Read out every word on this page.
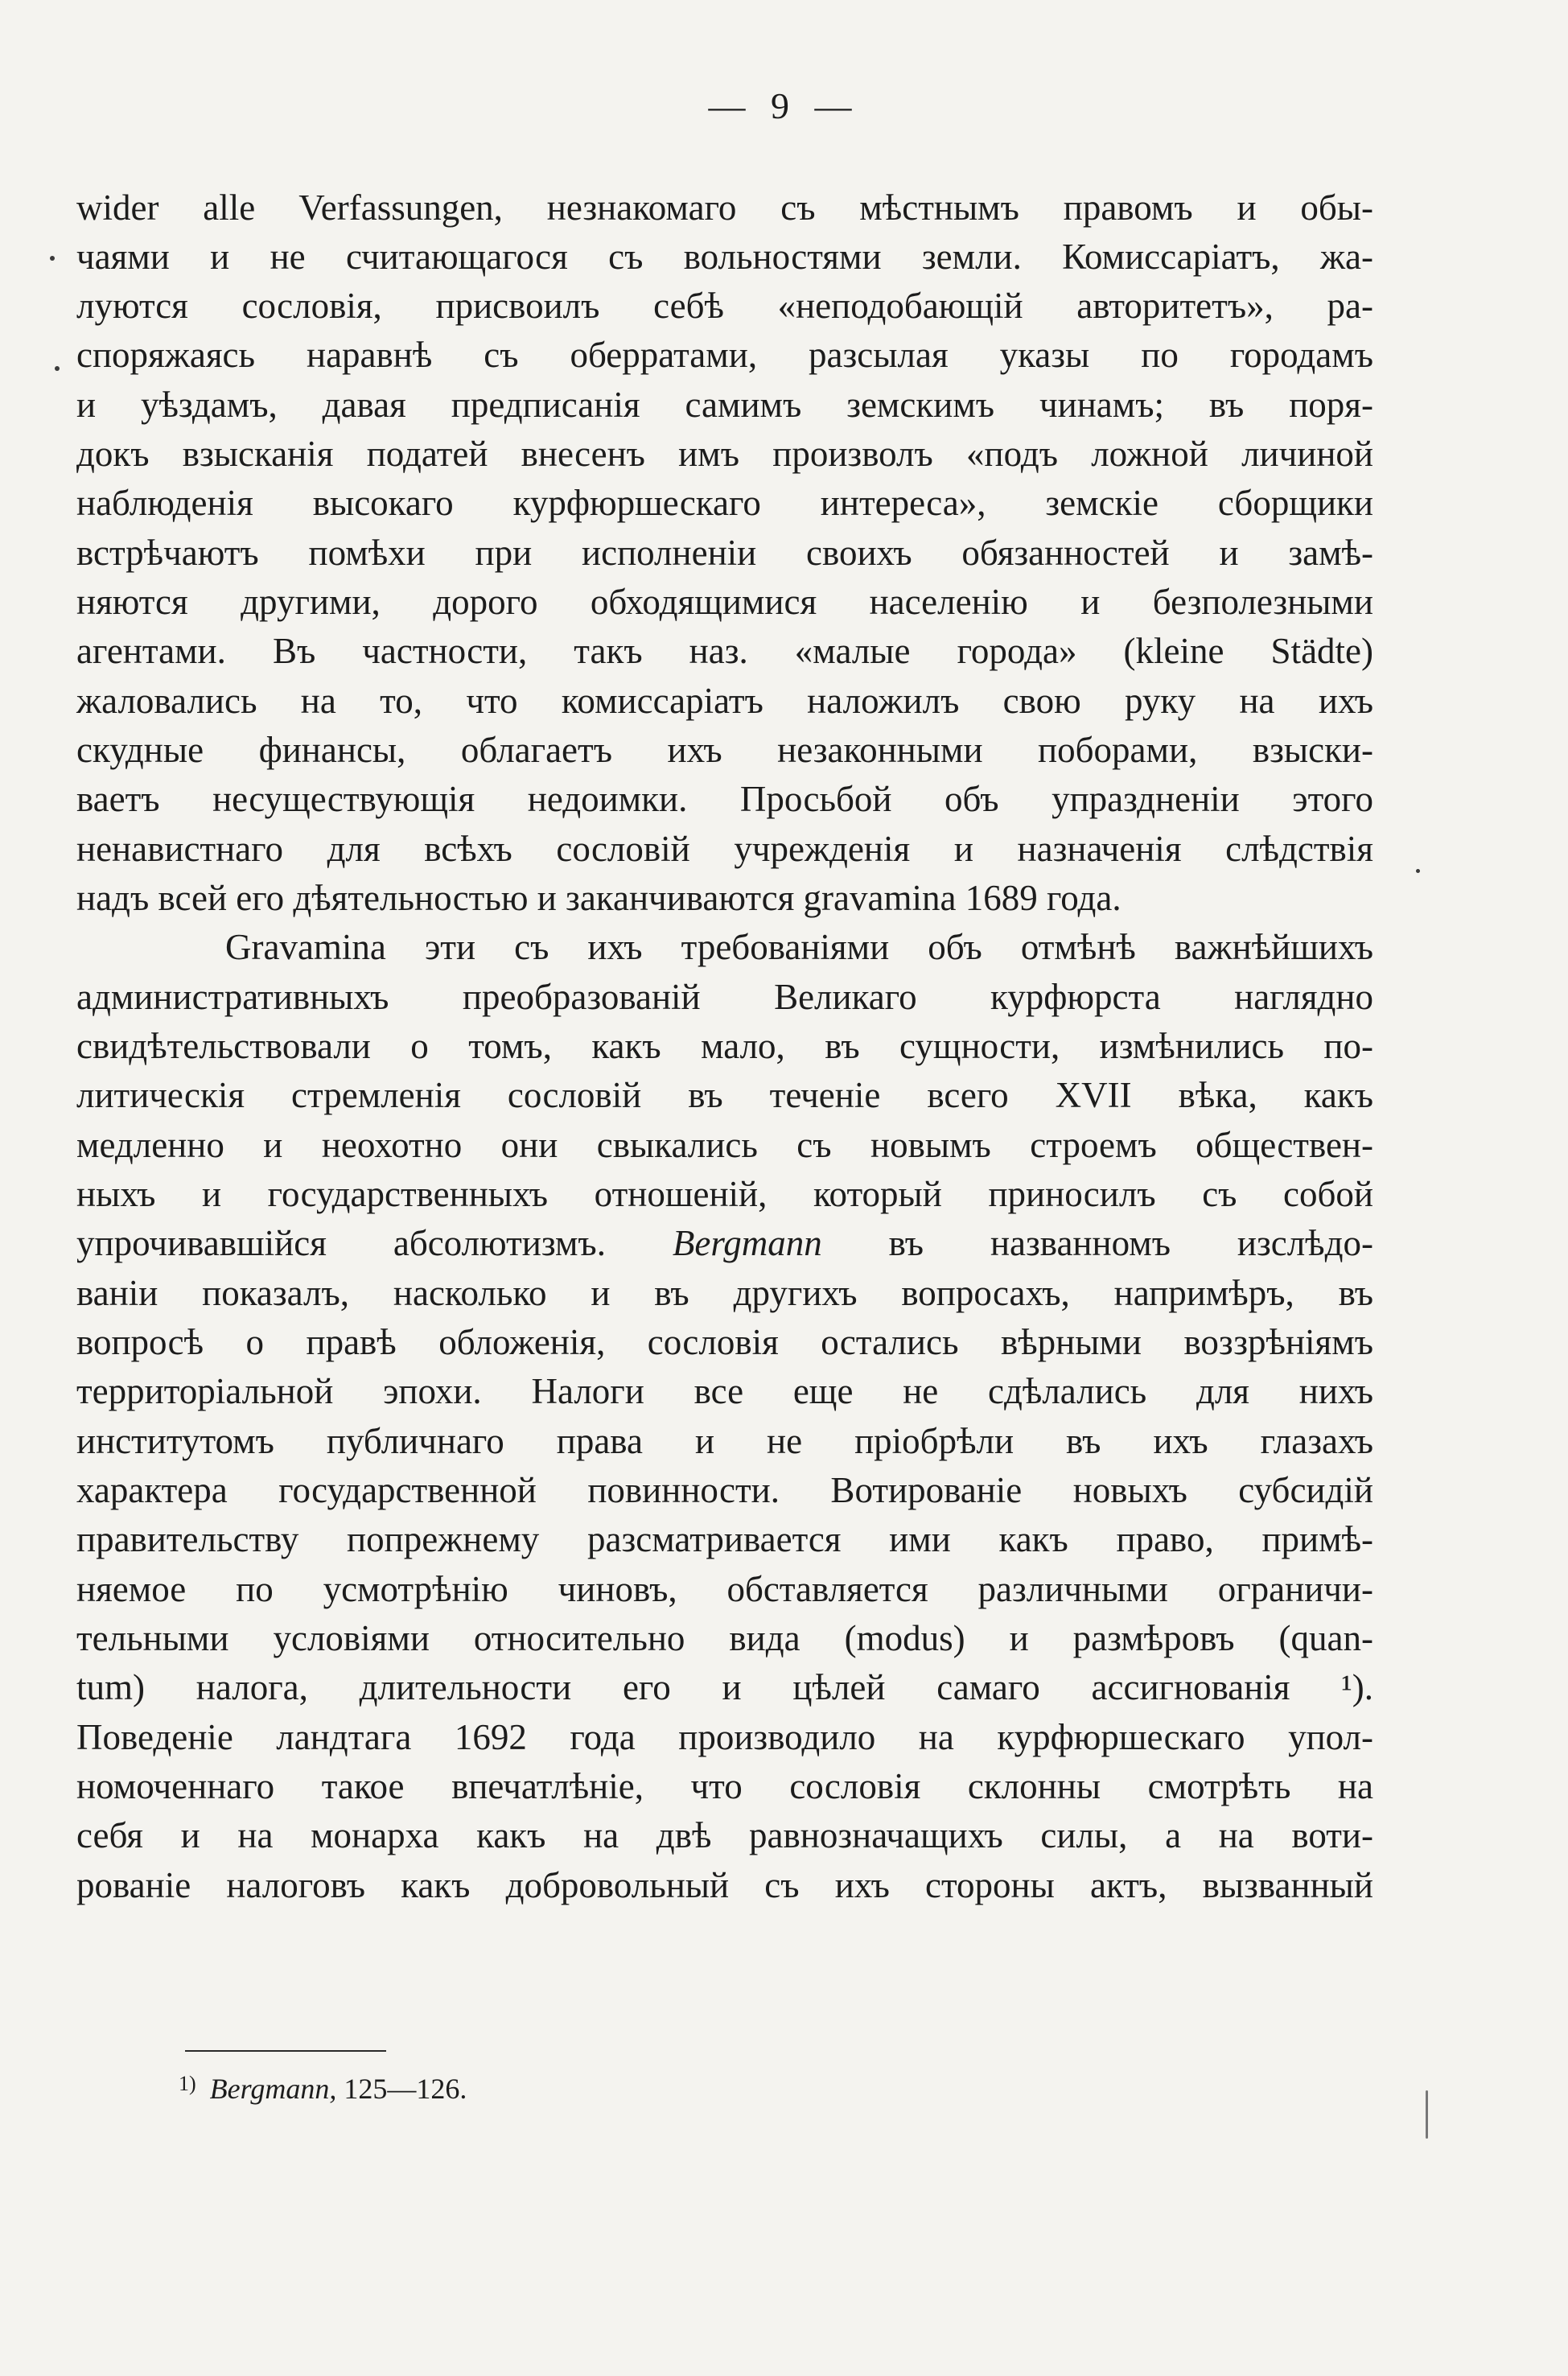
— 9 —
wider alle Verfassungen, незнакомаго съ мѣстнымъ правомъ и обы-
чаями и не считающагося съ вольностями земли. Комиссаріатъ, жа-
луются сословія, присвоилъ себѣ «неподобающій авторитетъ», ра-
споряжаясь наравнѣ съ оберратами, разсылая указы по городамъ
и уѣздамъ, давая предписанія самимъ земскимъ чинамъ; въ поря-
докъ взысканія податей внесенъ имъ произволъ «подъ ложной личиной
наблюденія высокаго курфюршескаго интереса», земскіе сборщики
встрѣчаютъ помѣхи при исполненіи своихъ обязанностей и замѣ-
няются другими, дорого обходящимися населенію и безполезными
агентами. Въ частности, такъ наз. «малые города» (kleine Städte)
жаловались на то, что комиссаріатъ наложилъ свою руку на ихъ
скудные финансы, облагаетъ ихъ незаконными поборами, взыски-
ваетъ несуществующія недоимки. Просьбой объ упраздненіи этого
ненавистнаго для всѣхъ сословій учрежденія и назначенія слѣдствія
надъ всей его дѣятельностью и заканчиваются gravamina 1689 года.
Gravamina эти съ ихъ требованіями объ отмѣнѣ важнѣйшихъ
административныхъ преобразованій Великаго курфюрста наглядно
свидѣтельствовали о томъ, какъ мало, въ сущности, измѣнились по-
литическія стремленія сословій въ теченіе всего XVII вѣка, какъ
медленно и неохотно они свыкались съ новымъ строемъ обществен-
ныхъ и государственныхъ отношеній, который приносилъ съ собой
упрочивавшійся абсолютизмъ. Bergmann въ названномъ изслѣдо-
ваніи показалъ, насколько и въ другихъ вопросахъ, напримѣръ, въ
вопросѣ о правѣ обложенія, сословія остались вѣрными воззрѣніямъ
территоріальной эпохи. Налоги все еще не сдѣлались для нихъ
институтомъ публичнаго права и не пріобрѣли въ ихъ глазахъ
характера государственной повинности. Вотированіе новыхъ субсидій
правительству попрежнему разсматривается ими какъ право, примѣ-
няемое по усмотрѣнію чиновъ, обставляется различными ограничи-
тельными условіями относительно вида (modus) и размѣровъ (quan-
tum) налога, длительности его и цѣлей самаго ассигнованія ¹).
Поведеніе ландтага 1692 года производило на курфюршескаго упол-
номоченнаго такое впечатлѣніе, что сословія склонны смотрѣть на
себя и на монарха какъ на двѣ равнозначащихъ силы, а на воти-
рованіе налоговъ какъ добровольный съ ихъ стороны актъ, вызванный
$^{1)}$ Bergmann, 125—126.
